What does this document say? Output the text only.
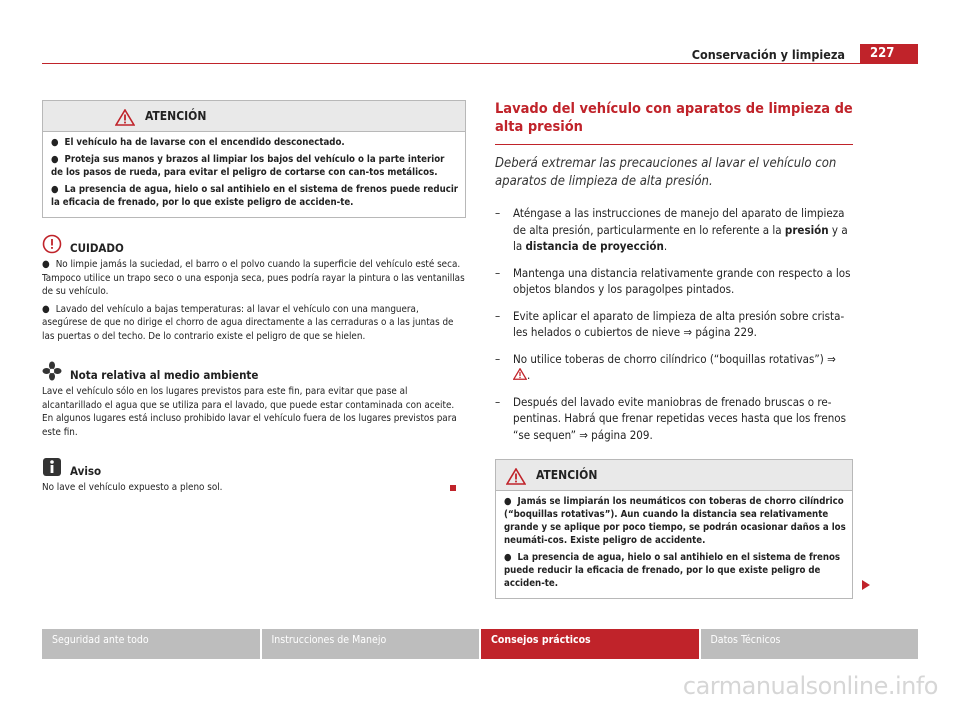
Conservación y limpieza	227
ATENCIÓN

● El vehículo ha de lavarse con el encendido desconectado.

● Proteja sus manos y brazos al limpiar los bajos del vehículo o la parte interior de los pasos de rueda, para evitar el peligro de cortarse con can-tos metálicos.

● La presencia de agua, hielo o sal antihielo en el sistema de frenos puede reducir la eficacia de frenado, por lo que existe peligro de acciden-te.

CUIDADO

● No limpie jamás la suciedad, el barro o el polvo cuando la superficie del vehículo esté seca. Tampoco utilice un trapo seco o una esponja seca, pues podría rayar la pintura o las ventanillas de su vehículo.

● Lavado del vehículo a bajas temperaturas: al lavar el vehículo con una manguera, asegúrese de que no dirige el chorro de agua directamente a las cerraduras o a las juntas de las puertas o del techo. De lo contrario existe el peligro de que se hielen.

Nota relativa al medio ambiente

Lave el vehículo sólo en los lugares previstos para este fin, para evitar que pase al alcantarillado el agua que se utiliza para el lavado, que puede estar contaminada con aceite. En algunos lugares está incluso prohibido lavar el vehículo fuera de los lugares previstos para este fin.

Aviso

No lave el vehículo expuesto a pleno sol.

Lavado del vehículo con aparatos de limpieza de alta presión
Deberá extremar las precauciones al lavar el vehículo con aparatos de limpieza de alta presión.
–	Aténgase a las instrucciones de manejo del aparato de limpieza de alta presión, particularmente en lo referente a la presión y a la distancia de proyección.
–	Mantenga una distancia relativamente grande con respecto a los objetos blandos y los paragolpes pintados.
–	Evite aplicar el aparato de limpieza de alta presión sobre crista-les helados o cubiertos de nieve ⇒ página 229.
–	No utilice toberas de chorro cilíndrico (“boquillas rotativas”) ⇒ .
–	Después del lavado evite maniobras de frenado bruscas o re-pentinas. Habrá que frenar repetidas veces hasta que los frenos “se sequen” ⇒ página 209.
ATENCIÓN

● Jamás se limpiarán los neumáticos con toberas de chorro cilíndrico (“boquillas rotativas”). Aun cuando la distancia sea relativamente grande y se aplique por poco tiempo, se podrán ocasionar daños a los neumáti-cos. Existe peligro de accidente.

● La presencia de agua, hielo o sal antihielo en el sistema de frenos puede reducir la eficacia de frenado, por lo que existe peligro de acciden-te.

Seguridad ante todo	Instrucciones de Manejo	Consejos prácticos	Datos Técnicos
carmanualsonline.info
